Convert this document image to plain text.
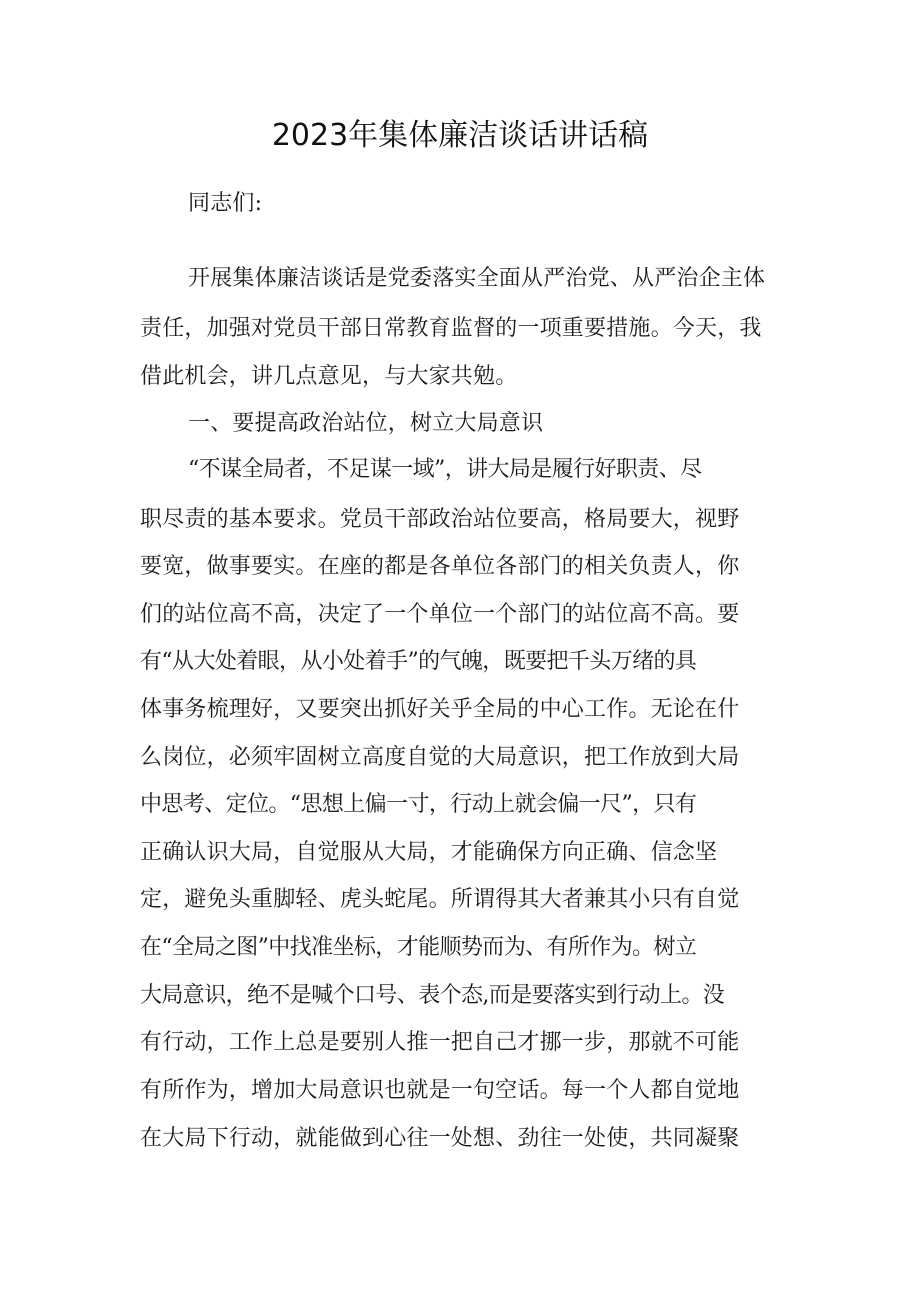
2023年集体廉洁谈话讲话稿
同志们:
开展集体廉洁谈话是党委落实全面从严治党、从严治企主体
责任，加强对党员干部日常教育监督的一项重要措施。今天，我
借此机会，讲几点意见，与大家共勉。
一、要提高政治站位，树立大局意识
“不谋全局者，不足谋一域”，讲大局是履行好职责、尽
职尽责的基本要求。党员干部政治站位要高，格局要大，视野
要宽，做事要实。在座的都是各单位各部门的相关负责人，你
们的站位高不高，决定了一个单位一个部门的站位高不高。要
有“从大处着眼，从小处着手”的气魄，既要把千头万绪的具
体事务梳理好，又要突出抓好关乎全局的中心工作。无论在什
么岗位，必须牢固树立高度自觉的大局意识，把工作放到大局
中思考、定位。“思想上偏一寸，行动上就会偏一尺”，只有
正确认识大局，自觉服从大局，才能确保方向正确、信念坚
定，避免头重脚轻、虎头蛇尾。所谓得其大者兼其小只有自觉
在“全局之图”中找准坐标，才能顺势而为、有所作为。树立
大局意识，绝不是喊个口号、表个态,而是要落实到行动上。没
有行动，工作上总是要别人推一把自己才挪一步，那就不可能
有所作为，增加大局意识也就是一句空话。每一个人都自觉地
在大局下行动，就能做到心往一处想、劲往一处使，共同凝聚
